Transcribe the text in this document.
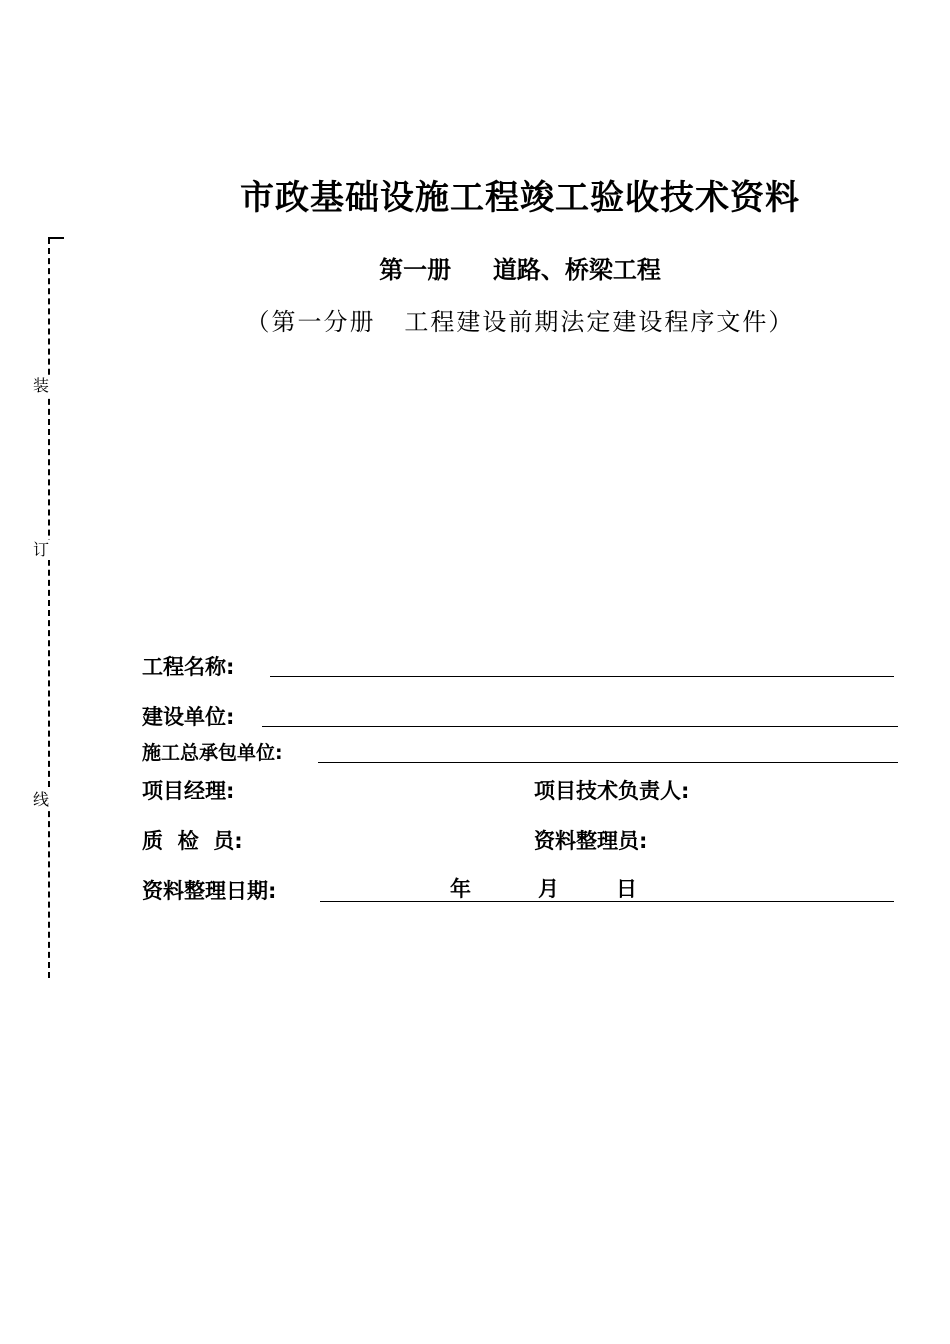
装
订
线
市政基础设施工程竣工验收技术资料
第一册     道路、桥梁工程
（第一分册   工程建设前期法定建设程序文件）
工程名称:
建设单位:
施工总承包单位:
项目经理:	项目技术负责人:
质  检  员:	资料整理员:
资料整理日期:	年	月	日
